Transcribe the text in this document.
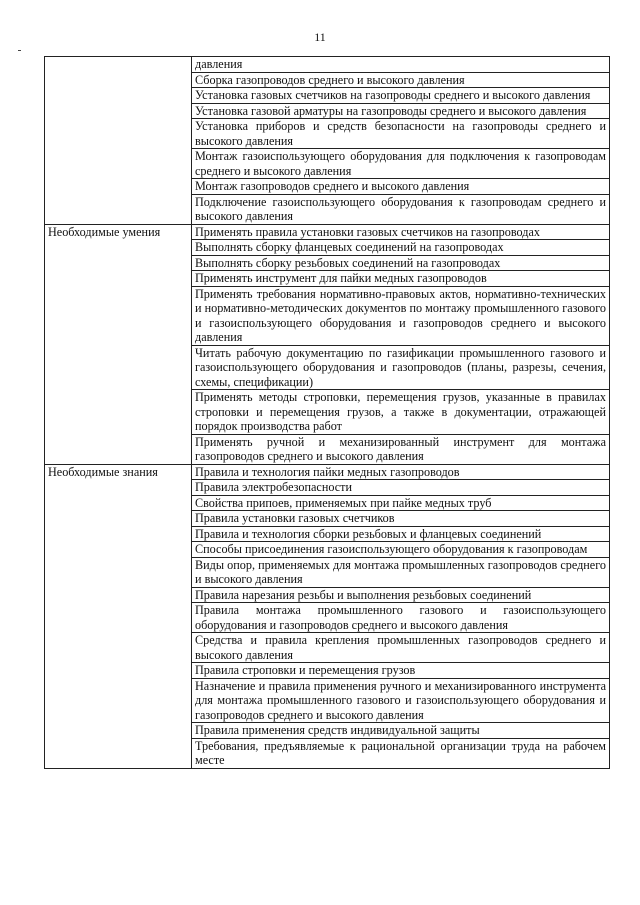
11
	давления
	Сборка газопроводов среднего и высокого давления
	Установка газовых счетчиков на газопроводы среднего и высокого давления
	Установка газовой арматуры на газопроводы среднего и высокого давления
	Установка приборов и средств безопасности на газопроводы среднего и высокого давления
	Монтаж газоиспользующего оборудования для подключения к газопроводам среднего и высокого давления
	Монтаж газопроводов среднего и высокого давления
	Подключение газоиспользующего оборудования к газопроводам среднего и высокого давления
Необходимые умения	Применять правила установки газовых счетчиков на газопроводах
	Выполнять сборку фланцевых соединений на газопроводах
	Выполнять сборку резьбовых соединений на газопроводах
	Применять инструмент для пайки медных газопроводов
	Применять требования нормативно-правовых актов, нормативно-технических и нормативно-методических документов по монтажу промышленного газового и газоиспользующего оборудования и газопроводов среднего и высокого давления
	Читать рабочую документацию по газификации промышленного газового и газоиспользующего оборудования и газопроводов (планы, разрезы, сечения, схемы, спецификации)
	Применять методы строповки, перемещения грузов, указанные в правилах строповки и перемещения грузов, а также в документации, отражающей порядок производства работ
	Применять ручной и механизированный инструмент для монтажа газопроводов среднего и высокого давления
Необходимые знания	Правила и технология пайки медных газопроводов
	Правила электробезопасности
	Свойства припоев, применяемых при пайке медных труб
	Правила установки газовых счетчиков
	Правила и технология сборки резьбовых и фланцевых соединений
	Способы присоединения газоиспользующего оборудования к газопроводам
	Виды опор, применяемых для монтажа промышленных газопроводов среднего и высокого давления
	Правила нарезания резьбы и выполнения резьбовых соединений
	Правила монтажа промышленного газового и газоиспользующего оборудования и газопроводов среднего и высокого давления
	Средства и правила крепления промышленных газопроводов среднего и высокого давления
	Правила строповки и перемещения грузов
	Назначение и правила применения ручного и механизированного инструмента для монтажа промышленного газового и газоиспользующего оборудования и газопроводов среднего и высокого давления
	Правила применения средств индивидуальной защиты
	Требования, предъявляемые к рациональной организации труда на рабочем месте
